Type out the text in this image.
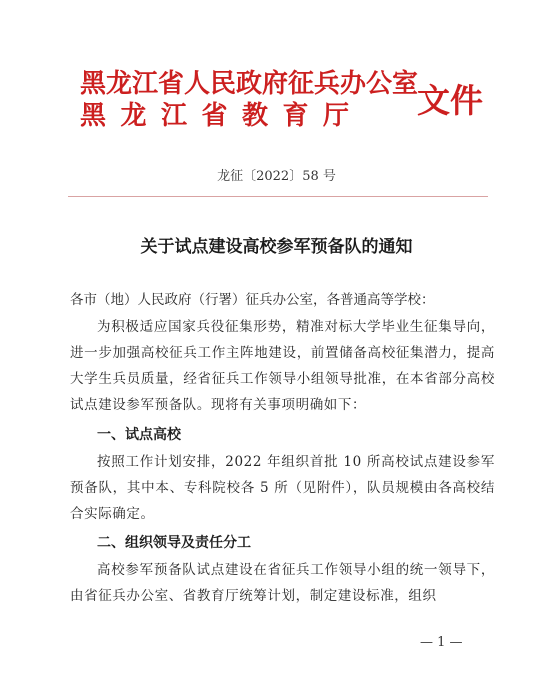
黑龙江省人民政府征兵办公室
黑龙江省教育厅 文件
龙征〔2022〕58 号
关于试点建设高校参军预备队的通知
各市（地）人民政府（行署）征兵办公室，各普通高等学校：
为积极适应国家兵役征集形势，精准对标大学毕业生征集导向，进一步加强高校征兵工作主阵地建设，前置储备高校征集潜力，提高大学生兵员质量，经省征兵工作领导小组领导批准，在本省部分高校试点建设参军预备队。现将有关事项明确如下：
一、试点高校
按照工作计划安排，2022 年组织首批 10 所高校试点建设参军预备队，其中本、专科院校各 5 所（见附件），队员规模由各高校结合实际确定。
二、组织领导及责任分工
高校参军预备队试点建设在省征兵工作领导小组的统一领导下，由省征兵办公室、省教育厅统筹计划，制定建设标准，组织
— 1 —
